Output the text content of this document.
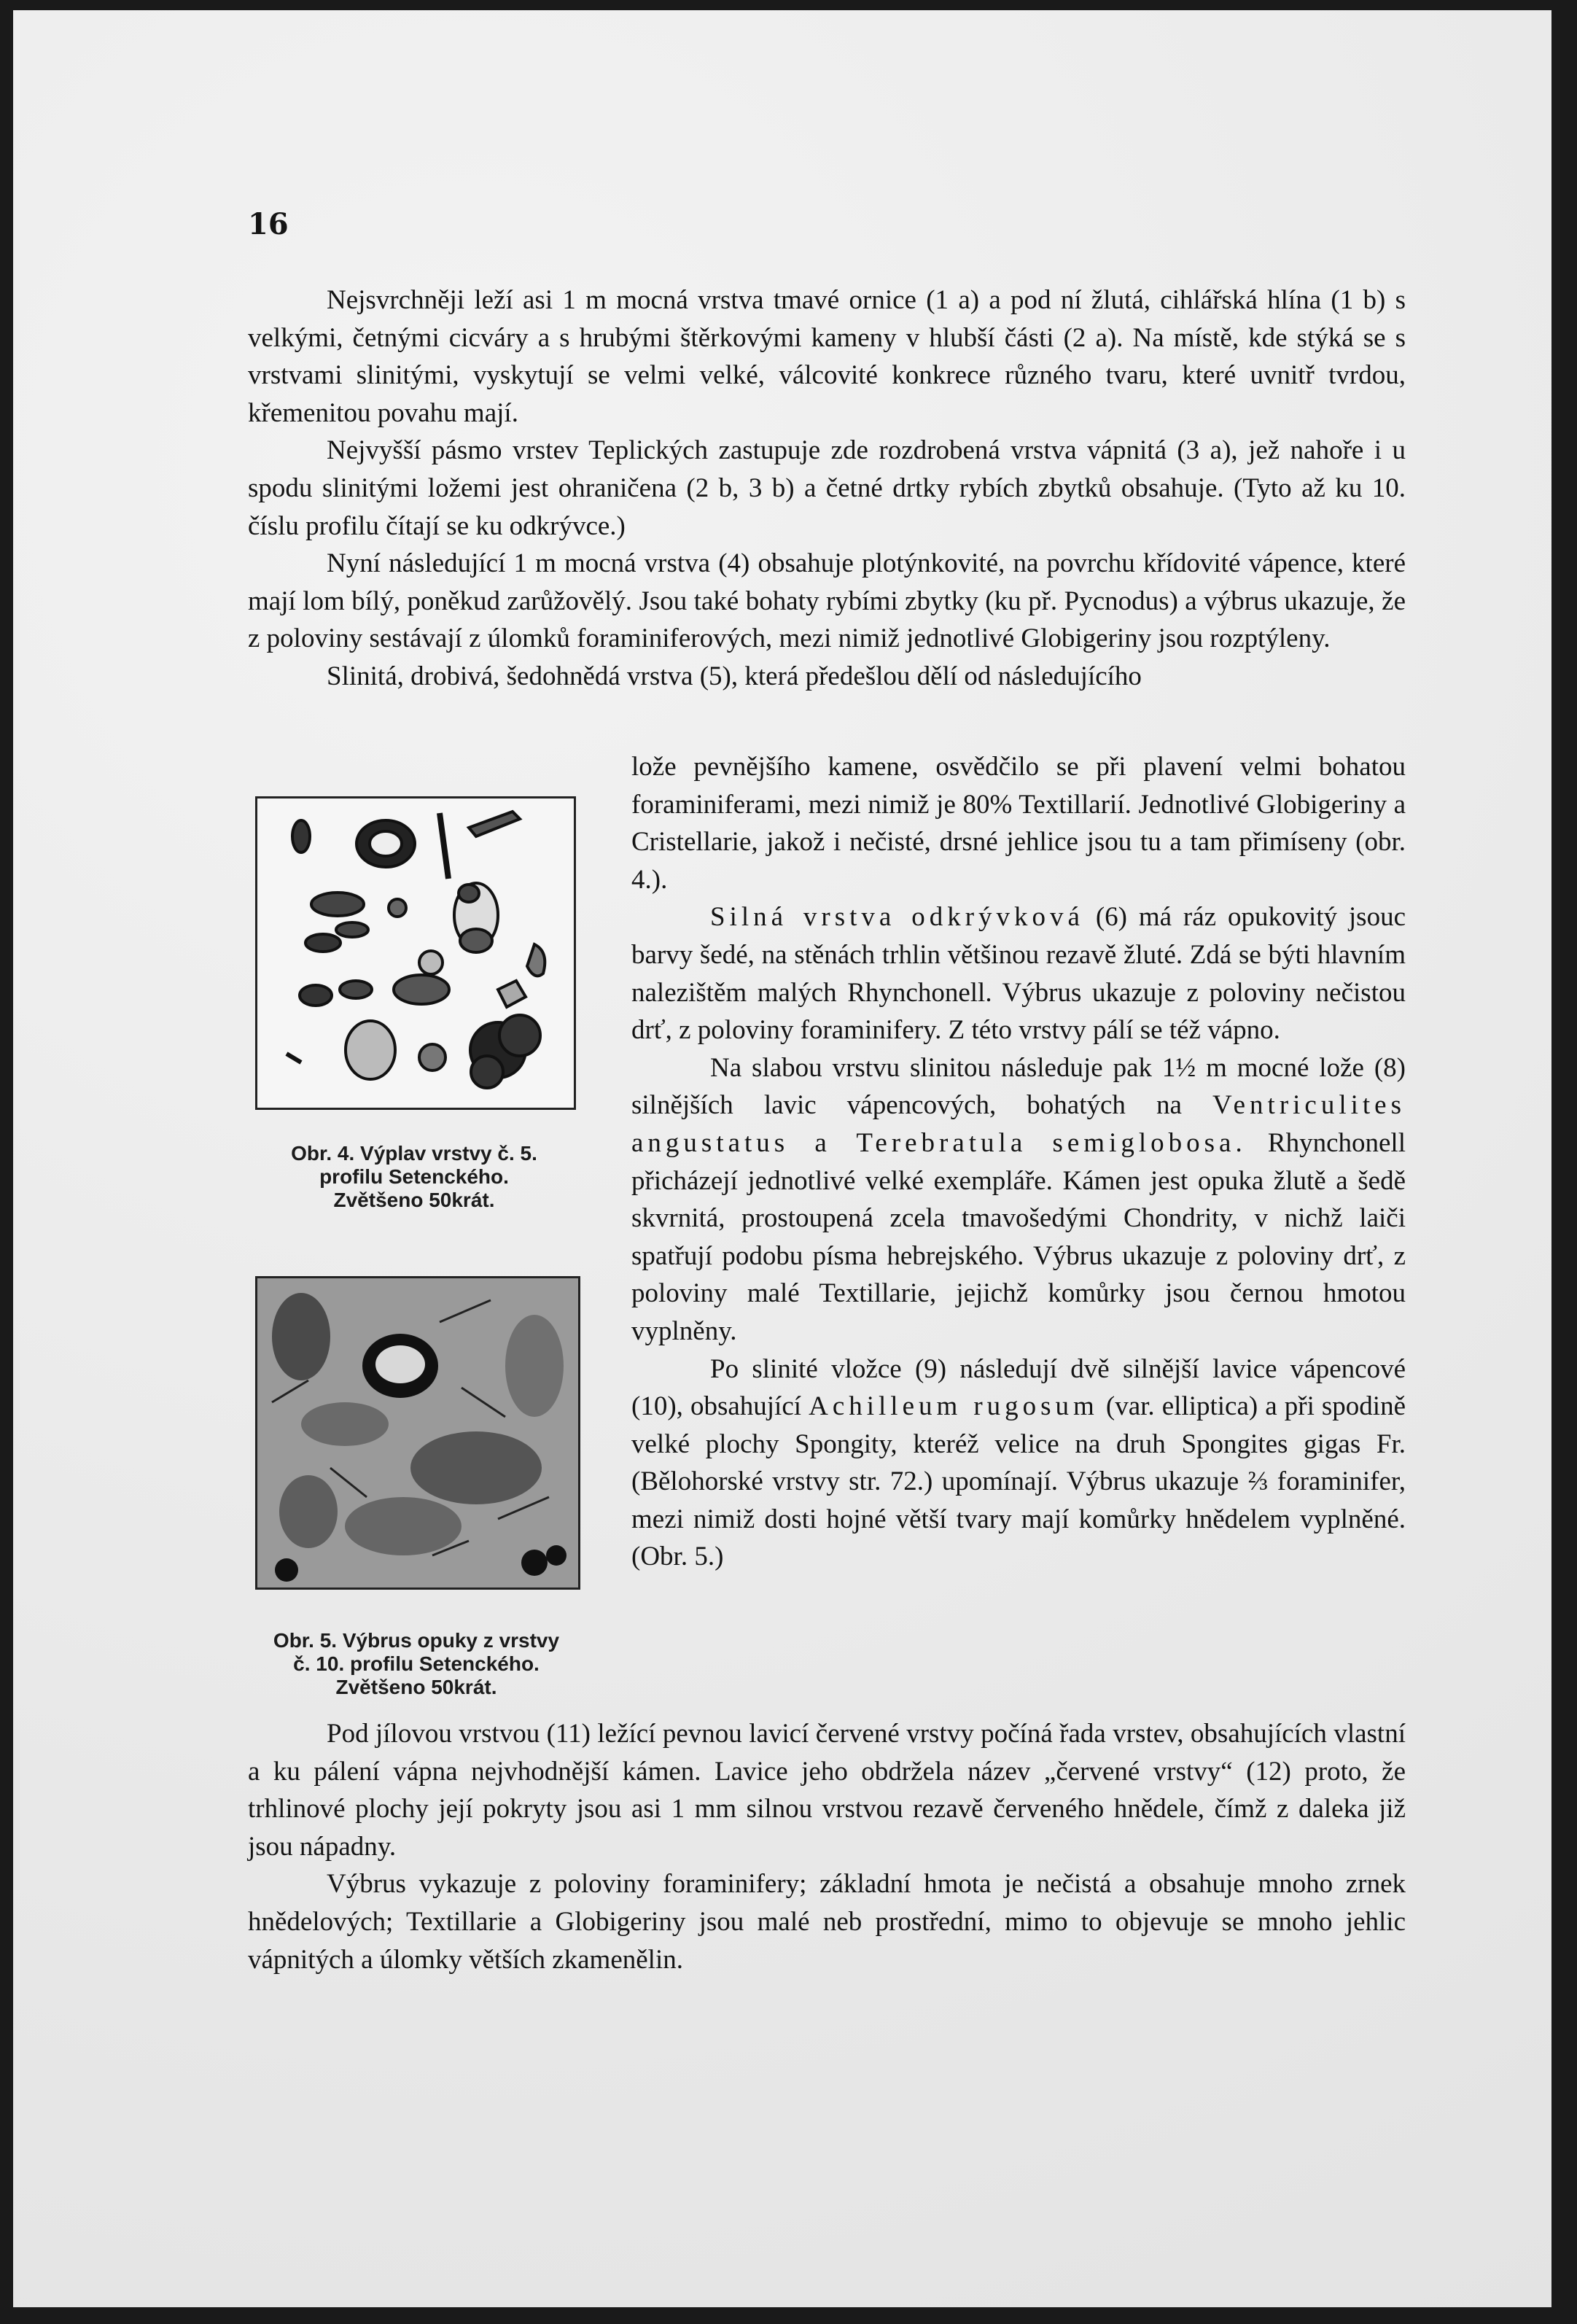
16

Nejsvrchněji leží asi 1 m mocná vrstva tmavé ornice (1 a) a pod ní žlutá, cihlářská hlína (1 b) s velkými, četnými cicváry a s hrubými štěrkovými kameny v hlubší části (2 a). Na místě, kde stýká se s vrstvami slinitými, vyskytují se velmi velké, válcovité konkrece různého tvaru, které uvnitř tvrdou, křemenitou povahu mají.

Nejvyšší pásmo vrstev Teplických zastupuje zde rozdrobená vrstva vápnitá (3 a), jež nahoře i u spodu slinitými ložemi jest ohraničena (2 b, 3 b) a četné drtky rybích zbytků obsahuje. (Tyto až ku 10. číslu profilu čítají se ku odkrývce.)

Nyní následující 1 m mocná vrstva (4) obsahuje plotýnkovité, na povrchu křídovité vápence, které mají lom bílý, poněkud zarůžovělý. Jsou také bohaty rybími zbytky (ku př. Pycnodus) a výbrus ukazuje, že z poloviny sestávají z úlomků foraminiferových, mezi nimiž jednotlivé Globigeriny jsou rozptýleny.

Slinitá, drobivá, šedohnědá vrstva (5), která předešlou dělí od následujícího

lože pevnějšího kamene, osvědčilo se při plavení velmi bohatou foraminiferami, mezi nimiž je 80% Textillarií. Jednotlivé Globigeriny a Cristellarie, jakož i nečisté, drsné jehlice jsou tu a tam přimíseny (obr. 4.).

Silná vrstva odkrývková (6) má ráz opukovitý jsouc barvy šedé, na stěnách trhlin většinou rezavě žluté. Zdá se býti hlavním nalezištěm malých Rhynchonell. Výbrus ukazuje z poloviny nečistou drť, z poloviny foraminifery. Z této vrstvy pálí se též vápno.

Na slabou vrstvu slinitou následuje pak 1½ m mocné lože (8) silnějších lavic vápencových, bohatých na Ventriculites angustatus a Terebratula semiglobosa. Rhynchonell přicházejí jednotlivé velké exempláře. Kámen jest opuka žlutě a šedě skvrnitá, prostoupená zcela tmavošedými Chondrity, v nichž laiči spatřují podobu písma hebrejského. Výbrus ukazuje z poloviny drť, z poloviny malé Textillarie, jejichž komůrky jsou černou hmotou vyplněny.

Po slinité vložce (9) následují dvě silnější lavice vápencové (10), obsahující Achilleum rugosum (var. elliptica) a při spodině velké plochy Spongity, kteréž velice na druh Spongites gigas Fr. (Bělohorské vrstvy str. 72.) upomínají. Výbrus ukazuje ⅔ foraminifer, mezi nimiž dosti hojné větší tvary mají komůrky hnědelem vyplněné. (Obr. 5.)

Obr. 4. Výplav vrstvy č. 5.
profilu Setenckého.
Zvětšeno 50krát.
Obr. 5. Výbrus opuky z vrstvy
č. 10. profilu Setenckého.
Zvětšeno 50krát.

Pod jílovou vrstvou (11) ležící pevnou lavicí červené vrstvy počíná řada vrstev, obsahujících vlastní a ku pálení vápna nejvhodnější kámen. Lavice jeho obdržela název „červené vrstvy“ (12) proto, že trhlinové plochy její pokryty jsou asi 1 mm silnou vrstvou rezavě červeného hnědele, čímž z daleka již jsou nápadny.

Výbrus vykazuje z poloviny foraminifery; základní hmota je nečistá a obsahuje mnoho zrnek hnědelových; Textillarie a Globigeriny jsou malé neb prostřední, mimo to objevuje se mnoho jehlic vápnitých a úlomky větších zkamenělin.
